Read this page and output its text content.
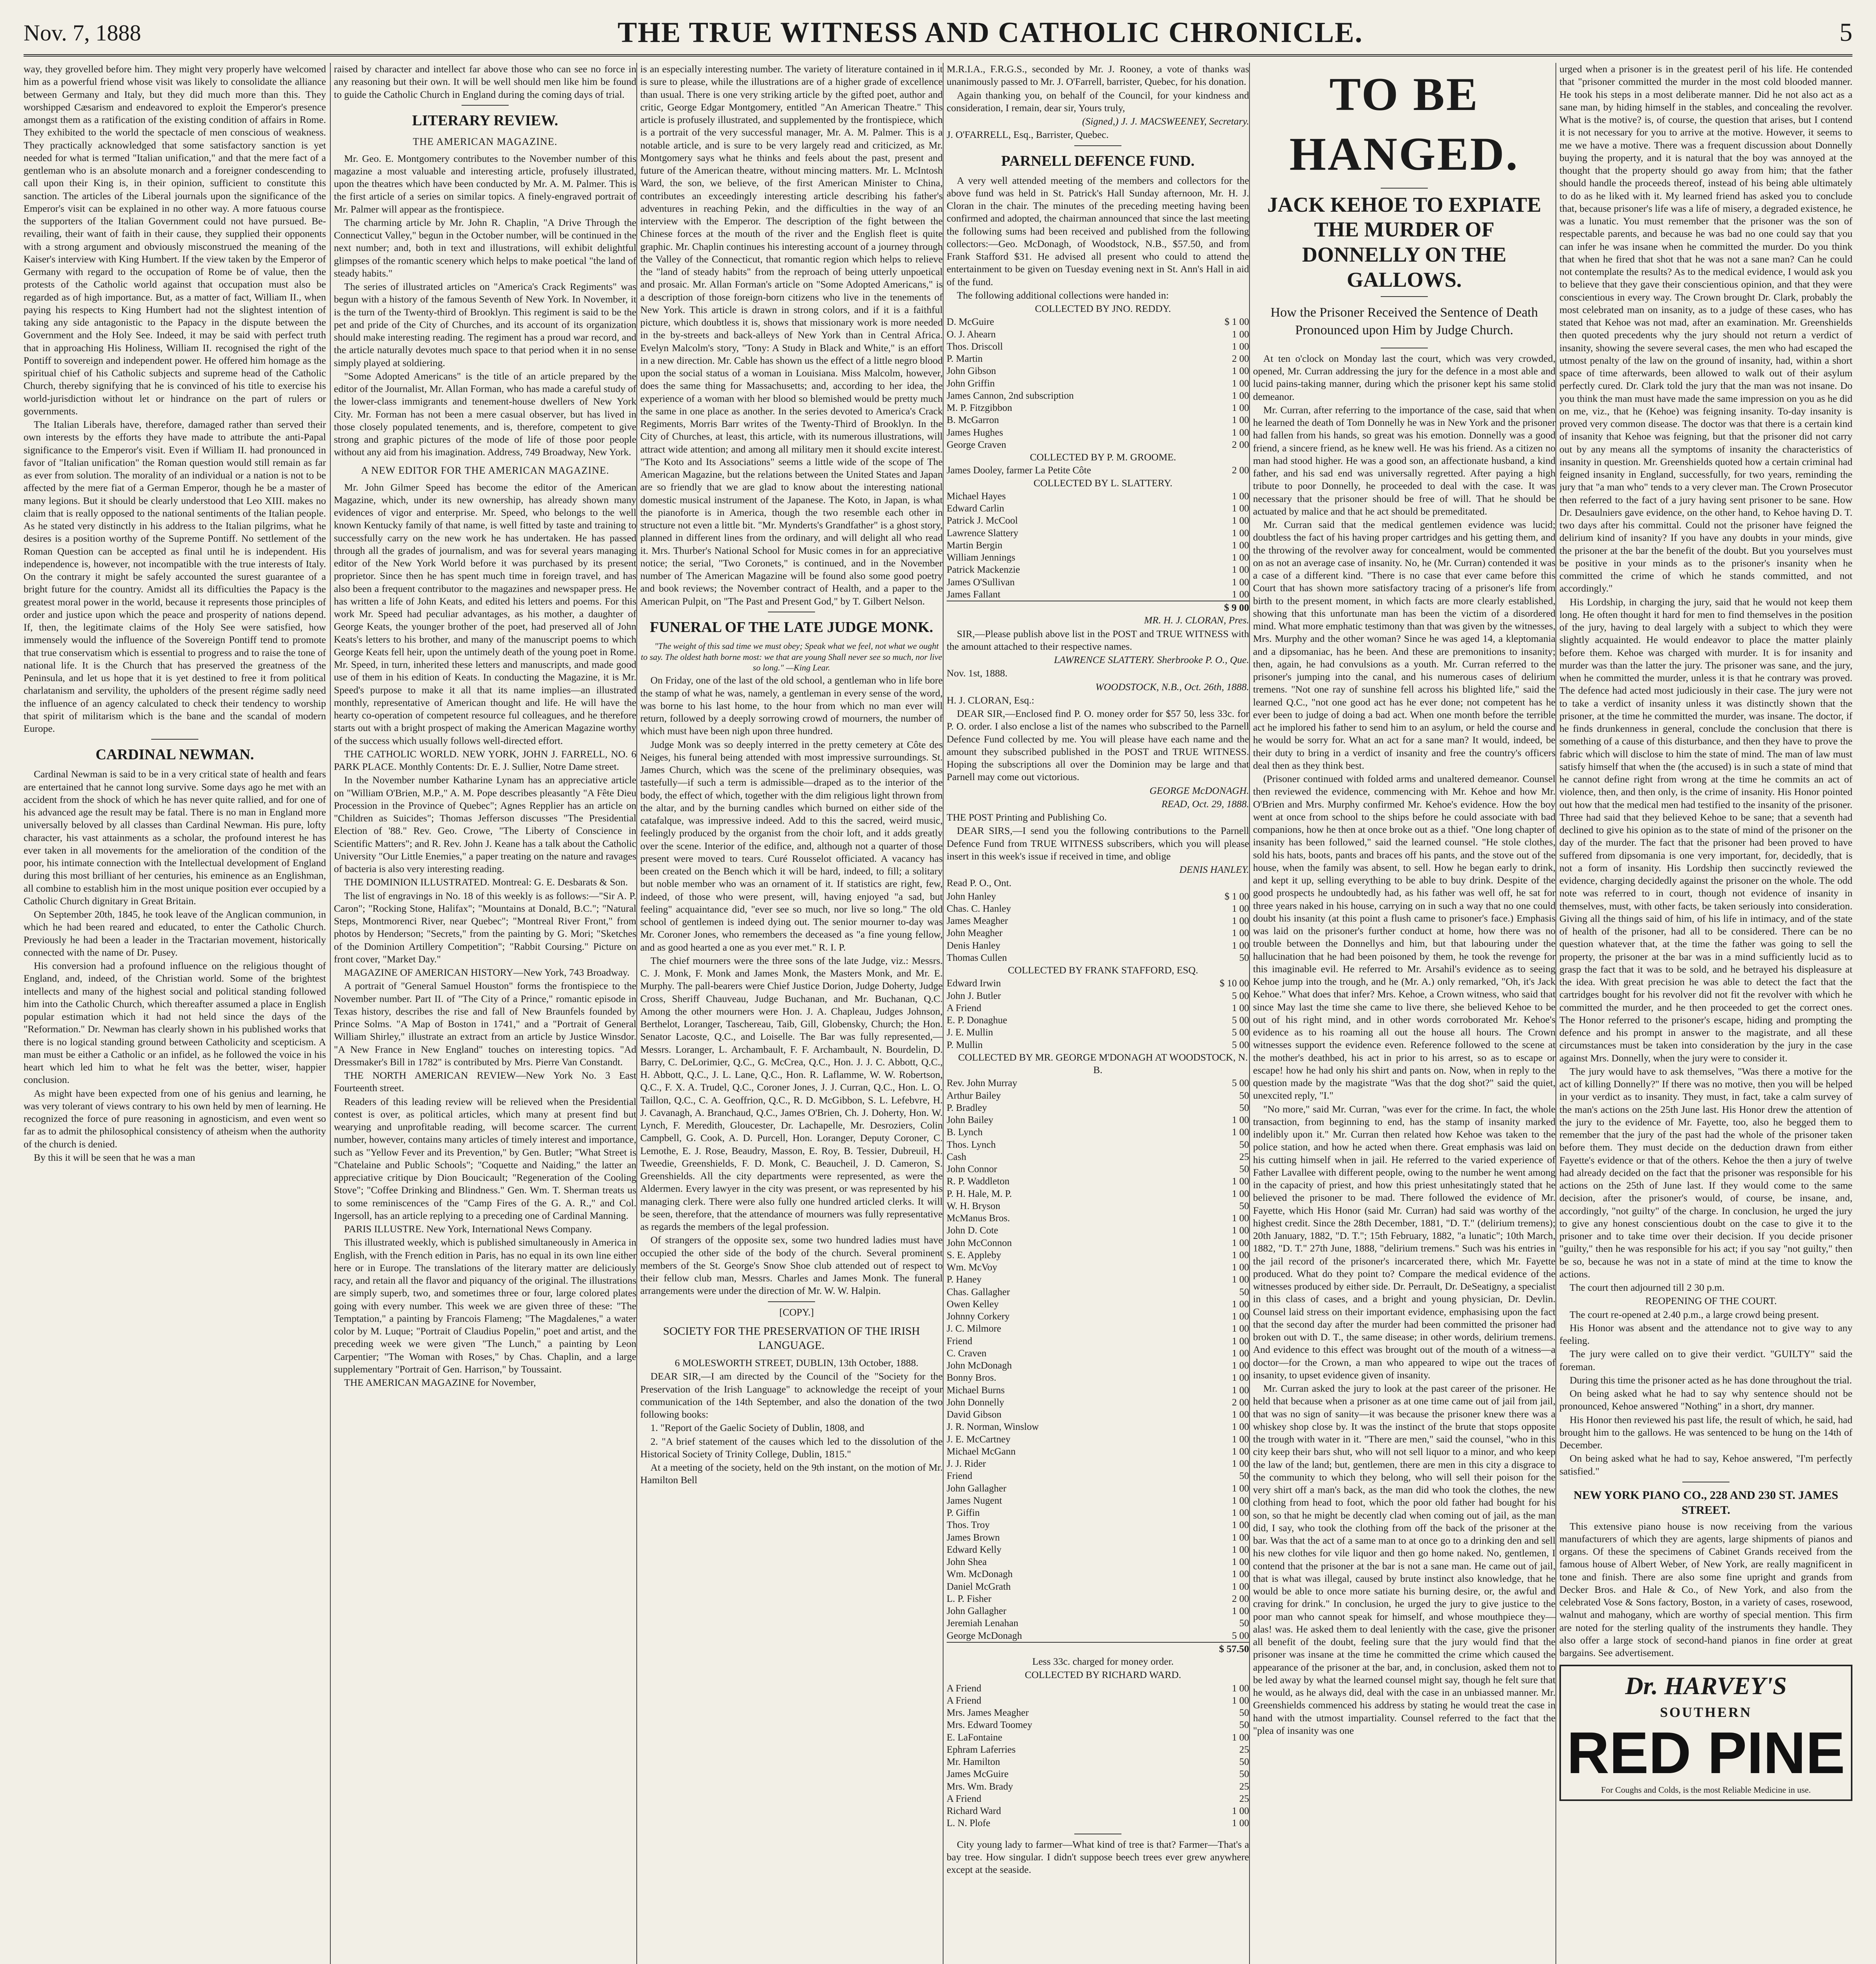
Nov. 7, 1888	THE TRUE WITNESS AND CATHOLIC CHRONICLE.	5

way, they grovelled before him. They might very properly have welcomed him as a powerful friend whose visit was likely to consolidate the alliance between Germany and Italy, but they did much more than this. They worshipped Cæsarism and endeavored to exploit the Emperor's presence amongst them as a ratification of the existing condition of affairs in Rome. They exhibited to the world the spectacle of men conscious of weakness. They practically acknowledged that some satisfactory sanction is yet needed for what is termed "Italian unification," and that the mere fact of a gentleman who is an absolute monarch and a foreigner condescending to call upon their King is, in their opinion, sufficient to constitute this sanction. The articles of the Liberal journals upon the significance of the Emperor's visit can be explained in no other way. A more fatuous course the supporters of the Italian Government could not have pursued. Be-revailing, their want of faith in their cause, they supplied their opponents with a strong argument and obviously misconstrued the meaning of the Kaiser's interview with King Humbert. If the view taken by the Emperor of Germany with regard to the occupation of Rome be of value, then the protests of the Catholic world against that occupation must also be regarded as of high importance. But, as a matter of fact, William II., when paying his respects to King Humbert had not the slightest intention of taking any side antagonistic to the Papacy in the dispute between the Government and the Holy See. Indeed, it may be said with perfect truth that in approaching His Holiness, William II. recognised the right of the Pontiff to sovereign and independent power. He offered him homage as the spiritual chief of his Catholic subjects and supreme head of the Catholic Church, thereby signifying that he is convinced of his title to exercise his world-jurisdiction without let or hindrance on the part of rulers or governments.

The Italian Liberals have, therefore, damaged rather than served their own interests by the efforts they have made to attribute the anti-Papal significance to the Emperor's visit. Even if William II. had pronounced in favor of "Italian unification" the Roman question would still remain as far as ever from solution. The morality of an individual or a nation is not to be affected by the mere fiat of a German Emperor, though he be a master of many legions. But it should be clearly understood that Leo XIII. makes no claim that is really opposed to the national sentiments of the Italian people. As he stated very distinctly in his address to the Italian pilgrims, what he desires is a position worthy of the Supreme Pontiff. No settlement of the Roman Question can be accepted as final until he is independent. His independence is, however, not incompatible with the true interests of Italy. On the contrary it might be safely accounted the surest guarantee of a bright future for the country. Amidst all its difficulties the Papacy is the greatest moral power in the world, because it represents those principles of order and justice upon which the peace and prosperity of nations depend. If, then, the legitimate claims of the Holy See were satisfied, how immensely would the influence of the Sovereign Pontiff tend to promote that true conservatism which is essential to progress and to raise the tone of national life. It is the Church that has preserved the greatness of the Peninsula, and let us hope that it is yet destined to free it from political charlatanism and servility, the upholders of the present régime sadly need the influence of an agency calculated to check their tendency to worship that spirit of militarism which is the bane and the scandal of modern Europe.

CARDINAL NEWMAN.

Cardinal Newman is said to be in a very critical state of health and fears are entertained that he cannot long survive. Some days ago he met with an accident from the shock of which he has never quite rallied, and for one of his advanced age the result may be fatal. There is no man in England more universally beloved by all classes than Cardinal Newman. His pure, lofty character, his vast attainments as a scholar, the profound interest he has ever taken in all movements for the amelioration of the condition of the poor, his intimate connection with the Intellectual development of England during this most brilliant of her centuries, his eminence as an Englishman, all combine to establish him in the most unique position ever occupied by a Catholic Church dignitary in Great Britain.

On September 20th, 1845, he took leave of the Anglican communion, in which he had been reared and educated, to enter the Catholic Church. Previously he had been a leader in the Tractarian movement, historically connected with the name of Dr. Pusey.

His conversion had a profound influence on the religious thought of England, and, indeed, of the Christian world. Some of the brightest intellects and many of the highest social and political standing followed him into the Catholic Church, which thereafter assumed a place in English popular estimation which it had not held since the days of the "Reformation." Dr. Newman has clearly shown in his published works that there is no logical standing ground between Catholicity and scepticism. A man must be either a Catholic or an infidel, as he followed the voice in his heart which led him to what he felt was the better, wiser, happier conclusion.

As might have been expected from one of his genius and learning, he was very tolerant of views contrary to his own held by men of learning. He recognized the force of pure reasoning in agnosticism, and even went so far as to admit the philosophical consistency of atheism when the authority of the church is denied.

By this it will be seen that he was a man

raised by character and intellect far above those who can see no force in any reasoning but their own. It will be well should men like him be found to guide the Catholic Church in England during the coming days of trial.

LITERARY REVIEW.
THE AMERICAN MAGAZINE.

Mr. Geo. E. Montgomery contributes to the November number of this magazine a most valuable and interesting article, profusely illustrated, upon the theatres which have been conducted by Mr. A. M. Palmer. This is the first article of a series on similar topics. A finely-engraved portrait of Mr. Palmer will appear as the frontispiece.

The charming article by Mr. John R. Chaplin, "A Drive Through the Connecticut Valley," begun in the October number, will be continued in the next number; and, both in text and illustrations, will exhibit delightful glimpses of the romantic scenery which helps to make poetical "the land of steady habits."

The series of illustrated articles on "America's Crack Regiments" was begun with a history of the famous Seventh of New York. In November, it is the turn of the Twenty-third of Brooklyn. This regiment is said to be the pet and pride of the City of Churches, and its account of its organization should make interesting reading. The regiment has a proud war record, and the article naturally devotes much space to that period when it in no sense simply played at soldiering.

"Some Adopted Americans" is the title of an article prepared by the editor of the Journalist, Mr. Allan Forman, who has made a careful study of the lower-class immigrants and tenement-house dwellers of New York City. Mr. Forman has not been a mere casual observer, but has lived in those closely populated tenements, and is, therefore, competent to give strong and graphic pictures of the mode of life of those poor people without any aid from his imagination. Address, 749 Broadway, New York.

A NEW EDITOR FOR THE AMERICAN MAGAZINE.

Mr. John Gilmer Speed has become the editor of the American Magazine, which, under its new ownership, has already shown many evidences of vigor and enterprise. Mr. Speed, who belongs to the well known Kentucky family of that name, is well fitted by taste and training to successfully carry on the new work he has undertaken. He has passed through all the grades of journalism, and was for several years managing editor of the New York World before it was purchased by its present proprietor. Since then he has spent much time in foreign travel, and has also been a frequent contributor to the magazines and newspaper press. He has written a life of John Keats, and edited his letters and poems. For this work Mr. Speed had peculiar advantages, as his mother, a daughter of George Keats, the younger brother of the poet, had preserved all of John Keats's letters to his brother, and many of the manuscript poems to which George Keats fell heir, upon the untimely death of the young poet in Rome. Mr. Speed, in turn, inherited these letters and manuscripts, and made good use of them in his edition of Keats. In conducting the Magazine, it is Mr. Speed's purpose to make it all that its name implies—an illustrated monthly, representative of American thought and life. He will have the hearty co-operation of competent resource ful colleagues, and he therefore starts out with a bright prospect of making the American Magazine worthy of the success which usually follows well-directed effort.

THE CATHOLIC WORLD. NEW YORK, JOHN J. FARRELL, NO. 6 PARK PLACE. Monthly Contents: Dr. E. J. Sullier, Notre Dame street.

In the November number Katharine Lynam has an appreciative article on "William O'Brien, M.P.," A. M. Pope describes pleasantly "A Fête Dieu Procession in the Province of Quebec"; Agnes Repplier has an article on "Children as Suicides"; Thomas Jefferson discusses "The Presidential Election of '88." Rev. Geo. Crowe, "The Liberty of Conscience in Scientific Matters"; and R. Rev. John J. Keane has a talk about the Catholic University "Our Little Enemies," a paper treating on the nature and ravages of bacteria is also very interesting reading.

THE DOMINION ILLUSTRATED. Montreal: G. E. Desbarats & Son.

The list of engravings in No. 18 of this weekly is as follows:—"Sir A. P. Caron"; "Rocking Stone, Halifax"; "Mountains at Donald, B.C."; "Natural Steps, Montmorenci River, near Quebec"; "Montreal River Front," from photos by Henderson; "Secrets," from the painting by G. Mori; "Sketches of the Dominion Artillery Competition"; "Rabbit Coursing." Picture on front cover, "Market Day."

MAGAZINE OF AMERICAN HISTORY—New York, 743 Broadway.

A portrait of "General Samuel Houston" forms the frontispiece to the November number. Part II. of "The City of a Prince," romantic episode in Texas history, describes the rise and fall of New Braunfels founded by Prince Solms. "A Map of Boston in 1741," and a "Portrait of General William Shirley," illustrate an extract from an article by Justice Winsdor. "A New France in New England" touches on interesting topics. "Ad Dressmaker's Bill in 1782" is contributed by Mrs. Pierre Van Constandt.

THE NORTH AMERICAN REVIEW—New York No. 3 East Fourteenth street.

Readers of this leading review will be relieved when the Presidential contest is over, as political articles, which many at present find but wearying and unprofitable reading, will become scarcer. The current number, however, contains many articles of timely interest and importance, such as "Yellow Fever and its Prevention," by Gen. Butler; "What Street is "Chatelaine and Public Schools"; "Coquette and Naiding," the latter an appreciative critique by Dion Boucicault; "Regeneration of the Cooling Stove"; "Coffee Drinking and Blindness." Gen. Wm. T. Sherman treats us to some reminiscences of the "Camp Fires of the G. A. R.," and Col. Ingersoll, has an article replying to a preceding one of Cardinal Manning.

PARIS ILLUSTRE. New York, International News Company.

This illustrated weekly, which is published simultaneously in America in English, with the French edition in Paris, has no equal in its own line either here or in Europe. The translations of the literary matter are deliciously racy, and retain all the flavor and piquancy of the original. The illustrations are simply superb, two, and sometimes three or four, large colored plates going with every number. This week we are given three of these: "The Temptation," a painting by Francois Flameng; "The Magdalenes," a water color by M. Luque; "Portrait of Claudius Popelin," poet and artist, and the preceding week we were given "The Lunch," a painting by Leon Carpentier; "The Woman with Roses," by Chas. Chaplin, and a large supplementary "Portrait of Gen. Harrison," by Toussaint.

THE AMERICAN MAGAZINE for November,

is an especially interesting number. The variety of literature contained in it is sure to please, while the illustrations are of a higher grade of excellence than usual. There is one very striking article by the gifted poet, author and critic, George Edgar Montgomery, entitled "An American Theatre." This article is profusely illustrated, and supplemented by the frontispiece, which is a portrait of the very successful manager, Mr. A. M. Palmer. This is a notable article, and is sure to be very largely read and criticized, as Mr. Montgomery says what he thinks and feels about the past, present and future of the American theatre, without mincing matters. Mr. L. McIntosh Ward, the son, we believe, of the first American Minister to China, contributes an exceedingly interesting article describing his father's adventures in reaching Pekin, and the difficulties in the way of an interview with the Emperor. The description of the fight between the Chinese forces at the mouth of the river and the English fleet is quite graphic. Mr. Chaplin continues his interesting account of a journey through the Valley of the Connecticut, that romantic region which helps to relieve the "land of steady habits" from the reproach of being utterly unpoetical and prosaic. Mr. Allan Forman's article on "Some Adopted Americans," is a description of those foreign-born citizens who live in the tenements of New York. This article is drawn in strong colors, and if it is a faithful picture, which doubtless it is, shows that missionary work is more needed in the by-streets and back-alleys of New York than in Central Africa. Evelyn Malcolm's story, "Tony: A Study in Black and White," is an effort in a new direction. Mr. Cable has shown us the effect of a little negro blood upon the social status of a woman in Louisiana. Miss Malcolm, however, does the same thing for Massachusetts; and, according to her idea, the experience of a woman with her blood so blemished would be pretty much the same in one place as another. In the series devoted to America's Crack Regiments, Morris Barr writes of the Twenty-Third of Brooklyn. In the City of Churches, at least, this article, with its numerous illustrations, will attract wide attention; and among all military men it should excite interest. "The Koto and Its Associations" seems a little wide of the scope of The American Magazine, but the relations between the United States and Japan are so friendly that we are glad to know about the interesting national domestic musical instrument of the Japanese. The Koto, in Japan, is what the pianoforte is in America, though the two resemble each other in structure not even a little bit. "Mr. Mynderts's Grandfather" is a ghost story, planned in different lines from the ordinary, and will delight all who read it. Mrs. Thurber's National School for Music comes in for an appreciative notice; the serial, "Two Coronets," is continued, and in the November number of The American Magazine will be found also some good poetry and book reviews; the November contract of Health, and a paper to the American Pulpit, on "The Past and Present God," by T. Gilbert Nelson.

FUNERAL OF THE LATE JUDGE MONK.

"The weight of this sad time we must obey; Speak what we feel, not what we ought to say. The oldest hath borne most: we that are young Shall never see so much, nor live so long." —King Lear.

On Friday, one of the last of the old school, a gentleman who in life bore the stamp of what he was, namely, a gentleman in every sense of the word, was borne to his last home, to the hour from which no man ever will return, followed by a deeply sorrowing crowd of mourners, the number of which must have been nigh upon three hundred.

Judge Monk was so deeply interred in the pretty cemetery at Côte des Neiges, his funeral being attended with most impressive surroundings. St. James Church, which was the scene of the preliminary obsequies, was tastefully—if such a term is admissible—draped as to the interior of the body, the effect of which, together with the dim religious light thrown from the altar, and by the burning candles which burned on either side of the catafalque, was impressive indeed. Add to this the sacred, weird music, feelingly produced by the organist from the choir loft, and it adds greatly over the scene. Interior of the edifice, and, although not a quarter of those present were moved to tears. Curé Rousselot officiated. A vacancy has been created on the Bench which it will be hard, indeed, to fill; a solitary but noble member who was an ornament of it. If statistics are right, few, indeed, of those who were present, will, having enjoyed "a sad, but feeling" acquaintance did, "ever see so much, nor live so long." The old school of gentlemen is indeed dying out. The senior mourner to-day was Mr. Coroner Jones, who remembers the deceased as "a fine young fellow, and as good hearted a one as you ever met." R. I. P.

The chief mourners were the three sons of the late Judge, viz.: Messrs. C. J. Monk, F. Monk and James Monk, the Masters Monk, and Mr. E. Murphy. The pall-bearers were Chief Justice Dorion, Judge Doherty, Judge Cross, Sheriff Chauveau, Judge Buchanan, and Mr. Buchanan, Q.C. Among the other mourners were Hon. J. A. Chapleau, Judges Johnson, Berthelot, Loranger, Taschereau, Taib, Gill, Globensky, Church; the Hon. Senator Lacoste, Q.C., and Loiselle. The Bar was fully represented,—Messrs. Loranger, L. Archambault, F. F. Archambault, N. Bourdelin, D. Barry, C. DeLorimier, Q.C., G. McCrea, Q.C., Hon. J. J. C. Abbott, Q.C., H. Abbott, Q.C., J. L. Lane, Q.C., Hon. R. Laflamme, W. W. Robertson, Q.C., F. X. A. Trudel, Q.C., Coroner Jones, J. J. Curran, Q.C., Hon. L. O. Taillon, Q.C., C. A. Geoffrion, Q.C., R. D. McGibbon, S. L. Lefebvre, H. J. Cavanagh, A. Branchaud, Q.C., James O'Brien, Ch. J. Doherty, Hon. W. Lynch, F. Meredith, Gloucester, Dr. Lachapelle, Mr. Desroziers, Colin Campbell, G. Cook, A. D. Purcell, Hon. Loranger, Deputy Coroner, C. Lemothe, E. J. Rose, Beaudry, Masson, E. Roy, B. Tessier, Dubreuil, H. Tweedie, Greenshields, F. D. Monk, C. Beaucheil, J. D. Cameron, S. Greenshields. All the city departments were represented, as were the Aldermen. Every lawyer in the city was present, or was represented by his managing clerk. There were also fully one hundred articled clerks. It will be seen, therefore, that the attendance of mourners was fully representative as regards the members of the legal profession.

Of strangers of the opposite sex, some two hundred ladies must have occupied the other side of the body of the church. Several prominent members of the St. George's Snow Shoe club attended out of respect to their fellow club man, Messrs. Charles and James Monk. The funeral arrangements were under the direction of Mr. W. W. Halpin.

[COPY.]

SOCIETY FOR THE PRESERVATION OF THE IRISH LANGUAGE.

6 MOLESWORTH STREET, DUBLIN, 13th October, 1888.

DEAR SIR,—I am directed by the Council of the "Society for the Preservation of the Irish Language" to acknowledge the receipt of your communication of the 14th September, and also the donation of the two following books:

1. "Report of the Gaelic Society of Dublin, 1808, and

2. "A brief statement of the causes which led to the dissolution of the Historical Society of Trinity College, Dublin, 1815."

At a meeting of the society, held on the 9th instant, on the motion of Mr. Hamilton Bell

M.R.I.A., F.R.G.S., seconded by Mr. J. Rooney, a vote of thanks was unanimously passed to Mr. J. O'Farrell, barrister, Quebec, for his donation.

Again thanking you, on behalf of the Council, for your kindness and consideration, I remain, dear sir, Yours truly,

(Signed,) J. J. MACSWEENEY, Secretary.

J. O'FARRELL, Esq., Barrister, Quebec.

PARNELL DEFENCE FUND.

A very well attended meeting of the members and collectors for the above fund was held in St. Patrick's Hall Sunday afternoon, Mr. H. J. Cloran in the chair. The minutes of the preceding meeting having been confirmed and adopted, the chairman announced that since the last meeting the following sums had been received and published from the following collectors:—Geo. McDonagh, of Woodstock, N.B., $57.50, and from Frank Stafford $31. He advised all present who could to attend the entertainment to be given on Tuesday evening next in St. Ann's Hall in aid of the fund.

The following additional collections were handed in:

COLLECTED BY JNO. REDDY.

D. McGuire	$ 1 00
O. J. Ahearn	1 00
Thos. Driscoll	1 00
P. Martin	2 00
John Gibson	1 00
John Griffin	1 00
James Cannon, 2nd subscription	1 00
M. P. Fitzgibbon	1 00
B. McGarron	1 00
James Hughes	1 00
George Craven	2 00

COLLECTED BY P. M. GROOME.

James Dooley, farmer La Petite Côte	2 00

COLLECTED BY L. SLATTERY.

Michael Hayes	1 00
Edward Carlin	1 00
Patrick J. McCool	1 00
Lawrence Slattery	1 00
Martin Bergin	1 00
William Jennings	1 00
Patrick Mackenzie	1 00
James O'Sullivan	1 00
James Fallant	1 00
$ 9 00

MR. H. J. CLORAN, Pres.

SIR,—Please publish above list in the POST and TRUE WITNESS with the amount attached to their respective names.

LAWRENCE SLATTERY. Sherbrooke P. O., Que.

Nov. 1st, 1888.

WOODSTOCK, N.B., Oct. 26th, 1888.

H. J. CLORAN, Esq.:

DEAR SIR,—Enclosed find P. O. money order for $57 50, less 33c. for P. O. order. I also enclose a list of the names who subscribed to the Parnell Defence Fund collected by me. You will please have each name and the amount they subscribed published in the POST and TRUE WITNESS. Hoping the subscriptions all over the Dominion may be large and that Parnell may come out victorious.

GEORGE McDONAGH.

READ, Oct. 29, 1888.

THE POST Printing and Publishing Co.

DEAR SIRS,—I send you the following contributions to the Parnell Defence Fund from TRUE WITNESS subscribers, which you will please insert in this week's issue if received in time, and oblige

DENIS HANLEY.

Read P. O., Ont.

John Hanley	$ 1 00
Chas. C. Hanley	1 00
James Meagher	1 00
John Meagher	1 00
Denis Hanley	1 00
Thomas Cullen	50

COLLECTED BY FRANK STAFFORD, ESQ.

Edward Irwin	$ 10 00
John J. Butler	5 00
A Friend	1 00
E. P. Donaghue	5 00
J. E. Mullin	5 00
P. Mullin	5 00

COLLECTED BY MR. GEORGE M'DONAGH AT WOODSTOCK, N. B.

Rev. John Murray	5 00
Arthur Bailey	50
P. Bradley	50
John Bailey	1 00
B. Lynch	1 00
Thos. Lynch	50
Cash	25
John Connor	50
R. P. Waddleton	1 00
P. H. Hale, M. P.	1 00
W. H. Bryson	50
McManus Bros.	1 00
John D. Cote	1 00
John McConnon	1 00
S. E. Appleby	1 00
Wm. McVoy	1 00
P. Haney	1 00
Chas. Gallagher	50
Owen Kelley	1 00
Johnny Corkery	1 00
J. C. Milmore	1 00
Friend	1 00
C. Craven	1 00
John McDonagh	1 00
Bonny Bros.	1 00
Michael Burns	1 00
John Donnelly	2 00
David Gibson	1 00
J. R. Norman, Winslow	1 00
J. E. McCartney	1 00
Michael McGann	1 00
J. J. Rider	1 00
Friend	50
John Gallagher	1 00
James Nugent	1 00
P. Giffin	1 00
Thos. Troy	1 00
James Brown	1 00
Edward Kelly	1 00
John Shea	1 00
Wm. McDonagh	1 00
Daniel McGrath	1 00
L. P. Fisher	2 00
John Gallagher	1 00
Jeremiah Lenahan	50
George McDonagh	5 00
$ 57.50

Less 33c. charged for money order.

COLLECTED BY RICHARD WARD.

A Friend	1 00
A Friend	1 00
Mrs. James Meagher	50
Mrs. Edward Toomey	50
E. LaFontaine	1 00
Ephram Laferries	25
Mr. Hamilton	50
James McGuire	50
Mrs. Wm. Brady	25
A Friend	25
Richard Ward	1 00
L. N. Plofe	1 00

City young lady to farmer—What kind of tree is that? Farmer—That's a bay tree. How singular. I didn't suppose beech trees ever grew anywhere except at the seaside.

TO BE HANGED.
JACK KEHOE TO EXPIATE THE MURDER OF DONNELLY ON THE GALLOWS.
How the Prisoner Received the Sentence of Death Pronounced upon Him by Judge Church.

At ten o'clock on Monday last the court, which was very crowded, opened, Mr. Curran addressing the jury for the defence in a most able and lucid pains-taking manner, during which the prisoner kept his same stolid demeanor.

Mr. Curran, after referring to the importance of the case, said that when he learned the death of Tom Donnelly he was in New York and the prisoner had fallen from his hands, so great was his emotion. Donnelly was a good friend, a sincere friend, as he knew well. He was his friend. As a citizen no man had stood higher. He was a good son, an affectionate husband, a kind father, and his sad end was universally regretted. After paying a high tribute to poor Donnelly, he proceeded to deal with the case. It was necessary that the prisoner should be free of will. That he should be actuated by malice and that he act should be premeditated.

Mr. Curran said that the medical gentlemen evidence was lucid; doubtless the fact of his having proper cartridges and his getting them, and the throwing of the revolver away for concealment, would be commented on as not an average case of insanity. No, he (Mr. Curran) contended it was a case of a different kind. "There is no case that ever came before this Court that has shown more satisfactory tracing of a prisoner's life from birth to the present moment, in which facts are more clearly established, showing that this unfortunate man has been the victim of a disordered mind. What more emphatic testimony than that was given by the witnesses, Mrs. Murphy and the other woman? Since he was aged 14, a kleptomania and a dipsomaniac, has he been. And these are premonitions to insanity; then, again, he had convulsions as a youth. Mr. Curran referred to the prisoner's jumping into the canal, and his numerous cases of delirium tremens. "Not one ray of sunshine fell across his blighted life," said the learned Q.C., "not one good act has he ever done; not competent has he ever been to judge of doing a bad act. When one month before the terrible act he implored his father to send him to an asylum, or held the course and he would be sorry for. What an act for a sane man? It would, indeed, be their duty to bring in a verdict of insanity and free the country's officers deal then as they think best.

(Prisoner continued with folded arms and unaltered demeanor. Counsel then reviewed the evidence, commencing with Mr. Kehoe and how Mr. O'Brien and Mrs. Murphy confirmed Mr. Kehoe's evidence. How the boy went at once from school to the ships before he could associate with bad companions, how he then at once broke out as a thief. "One long chapter of insanity has been followed," said the learned counsel. "He stole clothes, sold his hats, boots, pants and braces off his pants, and the stove out of the house, when the family was absent, to sell. How he began early to drink, and kept it up, selling everything to be able to buy drink. Despite of the good prospects he undoubtedly had, as his father was well off, he sat for three years naked in his house, carrying on in such a way that no one could doubt his insanity (at this point a flush came to prisoner's face.) Emphasis was laid on the prisoner's further conduct at home, how there was no trouble between the Donnellys and him, but that labouring under the hallucination that he had been poisoned by them, he took the revenge for this imaginable evil. He referred to Mr. Arsahil's evidence as to seeing Kehoe jump into the trough, and he (Mr. A.) only remarked, "Oh, it's Jack Kehoe." What does that infer? Mrs. Kehoe, a Crown witness, who said that since May last the time she came to live there, she believed Kehoe to be out of his right mind, and in other words corroborated Mr. Kehoe's evidence as to his roaming all out the house all hours. The Crown witnesses support the evidence even. Reference followed to the scene at the mother's deathbed, his act in prior to his arrest, so as to escape or escape! how he had only his shirt and pants on. Now, when in reply to the question made by the magistrate "Was that the dog shot?" said the quiet, unexcited reply, "I."

"No more," said Mr. Curran, "was ever for the crime. In fact, the whole transaction, from beginning to end, has the stamp of insanity marked indelibly upon it." Mr. Curran then related how Kehoe was taken to the police station, and how he acted when there. Great emphasis was laid on his cutting himself when in jail. He referred to the varied experience of Father Lavallee with different people, owing to the number he went among in the capacity of priest, and how this priest unhesitatingly stated that he believed the prisoner to be mad. There followed the evidence of Mr. Fayette, which His Honor (said Mr. Curran) had said was worthy of the highest credit. Since the 28th December, 1881, "D. T." (delirium tremens); 20th January, 1882, "D. T."; 15th February, 1882, "a lunatic"; 10th March, 1882, "D. T." 27th June, 1888, "delirium tremens." Such was his entries in the jail record of the prisoner's incarcerated there, which Mr. Fayette produced. What do they point to? Compare the medical evidence of the witnesses produced by either side. Dr. Perrault, Dr. DeSeatigny, a specialist in this class of cases, and a bright and young physician, Dr. Devlin. Counsel laid stress on their important evidence, emphasising upon the fact that the second day after the murder had been committed the prisoner had broken out with D. T., the same disease; in other words, delirium tremens. And evidence to this effect was brought out of the mouth of a witness—a doctor—for the Crown, a man who appeared to wipe out the traces of insanity, to upset evidence given of insanity.

Mr. Curran asked the jury to look at the past career of the prisoner. He held that because when a prisoner as at one time came out of jail from jail, that was no sign of sanity—it was because the prisoner knew there was a whiskey shop close by. It was the instinct of the brute that stops opposite the trough with water in it. "There are men," said the counsel, "who in this city keep their bars shut, who will not sell liquor to a minor, and who keep the law of the land; but, gentlemen, there are men in this city a disgrace to the community to which they belong, who will sell their poison for the very shirt off a man's back, as the man did who took the clothes, the new clothing from head to foot, which the poor old father had bought for his son, so that he might be decently clad when coming out of jail, as the man did, I say, who took the clothing from off the back of the prisoner at the bar. Was that the act of a same man to at once go to a drinking den and sell his new clothes for vile liquor and then go home naked. No, gentlemen, I contend that the prisoner at the bar is not a sane man. He came out of jail, that is what was illegal, caused by brute instinct also knowledge, that he would be able to once more satiate his burning desire, or, the awful and craving for drink." In conclusion, he urged the jury to give justice to the poor man who cannot speak for himself, and whose mouthpiece they—alas! was. He asked them to deal leniently with the case, give the prisoner all benefit of the doubt, feeling sure that the jury would find that the prisoner was insane at the time he committed the crime which caused the appearance of the prisoner at the bar, and, in conclusion, asked them not to be led away by what the learned counsel might say, though he felt sure that he would, as he always did, deal with the case in an unbiassed manner. Mr. Greenshields commenced his address by stating he would treat the case in hand with the utmost impartiality. Counsel referred to the fact that the "plea of insanity was one

urged when a prisoner is in the greatest peril of his life. He contended that "prisoner committed the murder in the most cold blooded manner. He took his steps in a most deliberate manner. Did he not also act as a sane man, by hiding himself in the stables, and concealing the revolver. What is the motive? is, of course, the question that arises, but I contend it is not necessary for you to arrive at the motive. However, it seems to me we have a motive. There was a frequent discussion about Donnelly buying the property, and it is natural that the boy was annoyed at the thought that the property should go away from him; that the father should handle the proceeds thereof, instead of his being able ultimately to do as he liked with it. My learned friend has asked you to conclude that, because prisoner's life was a life of misery, a degraded existence, he was a lunatic. You must remember that the prisoner was the son of respectable parents, and because he was bad no one could say that you can infer he was insane when he committed the murder. Do you think that when he fired that shot that he was not a sane man? Can he could not contemplate the results? As to the medical evidence, I would ask you to believe that they gave their conscientious opinion, and that they were conscientious in every way. The Crown brought Dr. Clark, probably the most celebrated man on insanity, as to a judge of these cases, who has stated that Kehoe was not mad, after an examination. Mr. Greenshields then quoted precedents why the jury should not return a verdict of insanity, showing the severe several cases, the men who had escaped the utmost penalty of the law on the ground of insanity, had, within a short space of time afterwards, been allowed to walk out of their asylum perfectly cured. Dr. Clark told the jury that the man was not insane. Do you think the man must have made the same impression on you as he did on me, viz., that he (Kehoe) was feigning insanity. To-day insanity is proved very common disease. The doctor was that there is a certain kind of insanity that Kehoe was feigning, but that the prisoner did not carry out by any means all the symptoms of insanity the characteristics of insanity in question. Mr. Greenshields quoted how a certain criminal had feigned insanity in England, successfully, for two years, reminding the jury that "a man who" tends to a very clever man. The Crown Prosecutor then referred to the fact of a jury having sent prisoner to be sane. How Dr. Desaulniers gave evidence, on the other hand, to Kehoe having D. T. two days after his committal. Could not the prisoner have feigned the delirium kind of insanity? If you have any doubts in your minds, give the prisoner at the bar the benefit of the doubt. But you yourselves must be positive in your minds as to the prisoner's insanity when he committed the crime of which he stands committed, and not accordingly."

His Lordship, in charging the jury, said that he would not keep them long. He often thought it hard for men to find themselves in the position of the jury, having to deal largely with a subject to which they were slightly acquainted. He would endeavor to place the matter plainly before them. Kehoe was charged with murder. It is for insanity and murder was than the latter the jury. The prisoner was sane, and the jury, when he committed the murder, unless it is that he contrary was proved. The defence had acted most judiciously in their case. The jury were not to take a verdict of insanity unless it was distinctly shown that the prisoner, at the time he committed the murder, was insane. The doctor, if he finds drunkenness in general, conclude the conclusion that there is something of a cause of this disturbance, and then they have to prove the fabric which will disclose to him the state of mind. The man of law must satisfy himself that when the (the accused) is in such a state of mind that he cannot define right from wrong at the time he commits an act of violence, then, and then only, is the crime of insanity. His Honor pointed out how that the medical men had testified to the insanity of the prisoner. Three had said that they believed Kehoe to be sane; that a seventh had declined to give his opinion as to the state of mind of the prisoner on the day of the murder. The fact that the prisoner had been proved to have suffered from dipsomania is one very important, for, decidedly, that is not a form of insanity. His Lordship then succinctly reviewed the evidence, charging decidedly against the prisoner on the whole. The odd note was referred to in court, though not evidence of insanity in themselves, must, with other facts, be taken seriously into consideration. Giving all the things said of him, of his life in intimacy, and of the state of health of the prisoner, had all to be considered. There can be no question whatever that, at the time the father was going to sell the property, the prisoner at the bar was in a mind sufficiently lucid as to grasp the fact that it was to be sold, and he betrayed his displeasure at the idea. With great precision he was able to detect the fact that the cartridges bought for his revolver did not fit the revolver with which he committed the murder, and he then proceeded to get the correct ones. The Honor referred to the prisoner's escape, hiding and prompting the defence and his prompt in answer to the magistrate, and all these circumstances must be taken into consideration by the jury in the case against Mrs. Donnelly, when the jury were to consider it.

The jury would have to ask themselves, "Was there a motive for the act of killing Donnelly?" If there was no motive, then you will be helped in your verdict as to insanity. They must, in fact, take a calm survey of the man's actions on the 25th June last. His Honor drew the attention of the jury to the evidence of Mr. Fayette, too, also he begged them to remember that the jury of the past had the whole of the prisoner taken before them. They must decide on the deduction drawn from either Fayette's evidence or that of the others. Kehoe the then a jury of twelve had already decided on the fact that the prisoner was responsible for his actions on the 25th of June last. If they would come to the same decision, after the prisoner's would, of course, be insane, and, accordingly, "not guilty" of the charge. In conclusion, he urged the jury to give any honest conscientious doubt on the case to give it to the prisoner and to take time over their decision. If you decide prisoner "guilty," then he was responsible for his act; if you say "not guilty," then be so, because he was not in a state of mind at the time to know the actions.

The court then adjourned till 2 30 p.m.

REOPENING OF THE COURT.

The court re-opened at 2.40 p.m., a large crowd being present.

His Honor was absent and the attendance not to give way to any feeling.

The jury were called on to give their verdict. "GUILTY" said the foreman.

During this time the prisoner acted as he has done throughout the trial.

On being asked what he had to say why sentence should not be pronounced, Kehoe answered "Nothing" in a short, dry manner.

His Honor then reviewed his past life, the result of which, he said, had brought him to the gallows. He was sentenced to be hung on the 14th of December.

On being asked what he had to say, Kehoe answered, "I'm perfectly satisfied."

NEW YORK PIANO CO., 228 AND 230 ST. JAMES STREET.

This extensive piano house is now receiving from the various manufacturers of which they are agents, large shipments of pianos and organs. Of these the specimens of Cabinet Grands received from the famous house of Albert Weber, of New York, are really magnificent in tone and finish. There are also some fine upright and grands from Decker Bros. and Hale & Co., of New York, and also from the celebrated Vose & Sons factory, Boston, in a variety of cases, rosewood, walnut and mahogany, which are worthy of special mention. This firm are noted for the sterling quality of the instruments they handle. They also offer a large stock of second-hand pianos in fine order at great bargains. See advertisement.

Dr. HARVEY'S
SOUTHERN
RED PINE
For Coughs and Colds, is the most Reliable Medicine in use.
